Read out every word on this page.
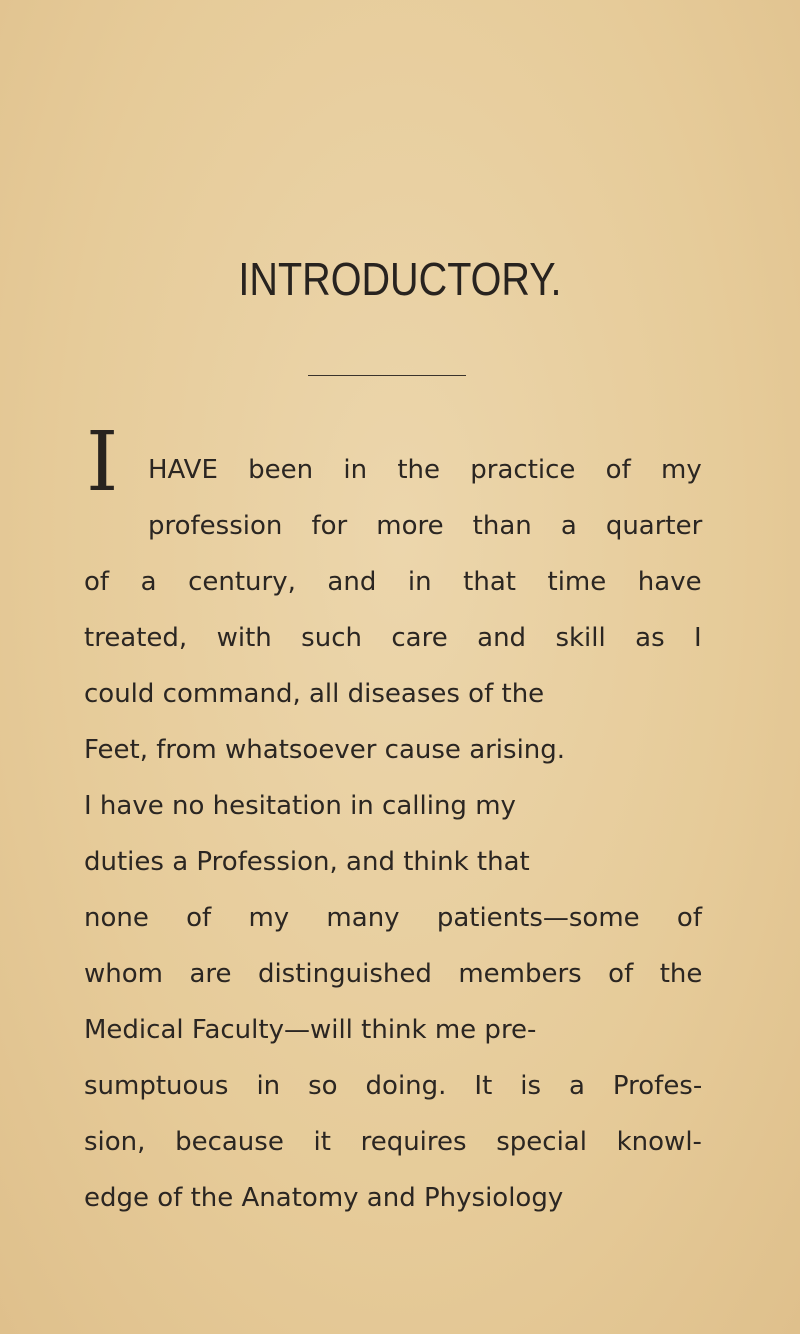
INTRODUCTORY.
I HAVE been in the practice of my
profession for more than a quarter
of a century, and in that time have
treated, with such care and skill as I
could command, all diseases of the
Feet, from whatsoever cause arising.
I have no hesitation in calling my
duties a Profession, and think that
none of my many patients—some of
whom are distinguished members of the
Medical Faculty—will think me pre-
sumptuous in so doing. It is a Profes-
sion, because it requires special knowl-
edge of the Anatomy and Physiology
